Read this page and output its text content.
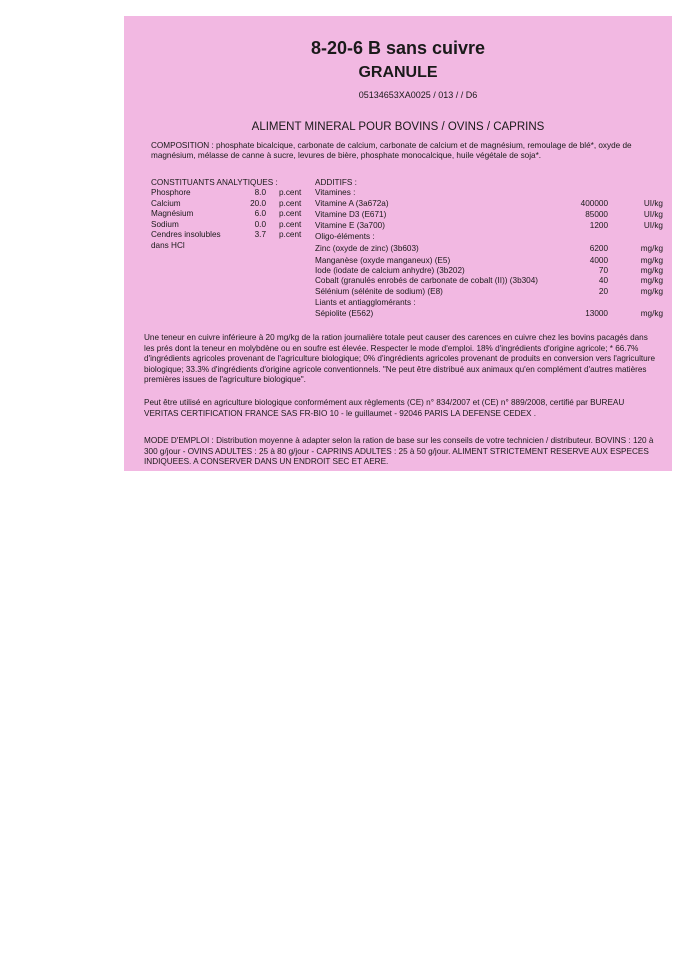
8-20-6 B sans cuivre
GRANULE
05134653XA0025 / 013 / / D6
ALIMENT MINERAL POUR BOVINS / OVINS / CAPRINS
COMPOSITION : phosphate bicalcique, carbonate de calcium, carbonate de calcium et de magnésium, remoulage de blé*, oxyde de magnésium, mélasse de canne à sucre, levures de bière, phosphate monocalcique, huile végétale de soja*.
CONSTITUANTS ANALYTIQUES :
Phosphore	8.0 p.cent
Calcium	20.0 p.cent
Magnésium	6.0 p.cent
Sodium	0.0 p.cent
Cendres insolubles	3.7 p.cent
dans HCl
ADDITIFS :
Vitamines :
Vitamine A (3a672a)	400000	UI/kg
Vitamine D3 (E671)	85000	UI/kg
Vitamine E (3a700)	1200	UI/kg
Oligo-éléments :
Zinc (oxyde de zinc) (3b603)	6200	mg/kg
Manganèse (oxyde manganeux) (E5)	4000	mg/kg
Iode (iodate de calcium anhydre) (3b202)	70	mg/kg
Cobalt (granulés enrobés de carbonate de cobalt (II)) (3b304)	40	mg/kg
Sélénium (sélénite de sodium) (E8)	20	mg/kg
Liants et antiagglomérants :
Sépiolite (E562)	13000	mg/kg
Une teneur en cuivre inférieure à 20 mg/kg de la ration journalière totale peut causer des carences en cuivre chez les bovins pacagés dans les prés dont la teneur en molybdène ou en soufre est élevée. Respecter le mode d'emploi. 18% d'ingrédients d'origine agricole; * 66.7% d'ingrédients agricoles provenant de l'agriculture biologique; 0% d'ingrédients agricoles provenant de produits en conversion vers l'agriculture biologique; 33.3% d'ingrédients d'origine agricole conventionnels. "Ne peut être distribué aux animaux qu'en complément d'autres matières premières issues de l'agriculture biologique".
Peut être utilisé en agriculture biologique conformément aux règlements (CE) n° 834/2007 et (CE) n° 889/2008, certifié par BUREAU VERITAS CERTIFICATION FRANCE SAS FR-BIO 10 - le guillaumet - 92046 PARIS LA DEFENSE CEDEX .
MODE D'EMPLOI : Distribution moyenne à adapter selon la ration de base sur les conseils de votre technicien / distributeur. BOVINS : 120 à 300 g/jour - OVINS ADULTES : 25 à 80 g/jour - CAPRINS ADULTES : 25 à 50 g/jour. ALIMENT STRICTEMENT RESERVE AUX ESPECES INDIQUEES. A CONSERVER DANS UN ENDROIT SEC ET AERE.
